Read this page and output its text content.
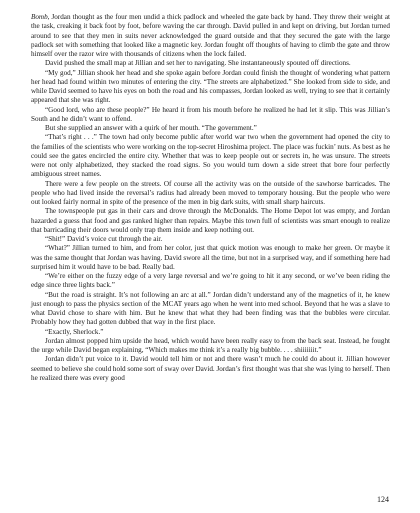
Bomb, Jordan thought as the four men undid a thick padlock and wheeled the gate back by hand. They threw their weight at the task, creaking it back foot by foot, before waving the car through. David pulled in and kept on driving, but Jordan turned around to see that they men in suits never acknowledged the guard outside and that they secured the gate with the large padlock set with something that looked like a magnetic key. Jordan fought off thoughts of having to climb the gate and throw himself over the razor wire with thousands of citizens when the lock failed.

David pushed the small map at Jillian and set her to navigating. She instantaneously spouted off directions.

“My god,” Jillian shook her head and she spoke again before Jordan could finish the thought of wondering what pattern her head had found within two minutes of entering the city. “The streets are alphabetized.” She looked from side to side, and while David seemed to have his eyes on both the road and his compasses, Jordan looked as well, trying to see that it certainly appeared that she was right.

“Good lord, who are these people?” He heard it from his mouth before he realized he had let it slip. This was Jillian’s South and he didn’t want to offend.

But she supplied an answer with a quirk of her mouth. “The government.”

“That’s right . . .” The town had only become public after world war two when the government had opened the city to the families of the scientists who were working on the top-secret Hiroshima project. The place was fuckin’ nuts. As best as he could see the gates encircled the entire city. Whether that was to keep people out or secrets in, he was unsure. The streets were not only alphabetized, they stacked the road signs. So you would turn down a side street that bore four perfectly ambiguous street names.

There were a few people on the streets. Of course all the activity was on the outside of the sawhorse barricades. The people who had lived inside the reversal’s radius had already been moved to temporary housing. But the people who were out looked fairly normal in spite of the presence of the men in big dark suits, with small sharp haircuts.

The townspeople put gas in their cars and drove through the McDonalds. The Home Depot lot was empty, and Jordan hazarded a guess that food and gas ranked higher than repairs. Maybe this town full of scientists was smart enough to realize that barricading their doors would only trap them inside and keep nothing out.

“Shit!” David’s voice cut through the air.

“What?” Jillian turned to him, and from her color, just that quick motion was enough to make her green. Or maybe it was the same thought that Jordan was having. David swore all the time, but not in a surprised way, and if something here had surprised him it would have to be bad. Really bad.

“We’re either on the fuzzy edge of a very large reversal and we’re going to hit it any second, or we’ve been riding the edge since three lights back.”

“But the road is straight. It’s not following an arc at all.” Jordan didn’t understand any of the magnetics of it, he knew just enough to pass the physics section of the MCAT years ago when he went into med school. Beyond that he was a slave to what David chose to share with him. But he knew that what they had been finding was that the bubbles were circular. Probably how they had gotten dubbed that way in the first place.

“Exactly, Sherlock.”

Jordan almost popped him upside the head, which would have been really easy to from the back seat. Instead, he fought the urge while David began explaining, “Which makes me think it’s a really big bubble. . . . shiiiiiiit.”

Jordan didn’t put voice to it. David would tell him or not and there wasn’t much he could do about it. Jillian however seemed to believe she could hold some sort of sway over David. Jordan’s first thought was that she was lying to herself. Then he realized there was every good

124
